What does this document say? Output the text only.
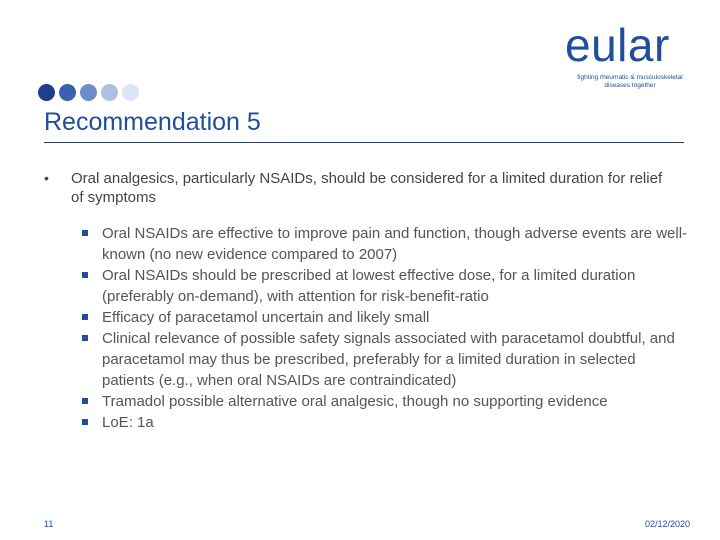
eular
fighting rheumatic & musculoskeletal
diseases together
Recommendation 5
• Oral analgesics, particularly NSAIDs, should be considered for a limited duration for relief of symptoms
Oral NSAIDs are effective to improve pain and function, though adverse events are well-known (no new evidence compared to 2007)
Oral NSAIDs should be prescribed at lowest effective dose, for a limited duration (preferably on-demand), with attention for risk-benefit-ratio
Efficacy of paracetamol uncertain and likely small
Clinical relevance of possible safety signals associated with paracetamol doubtful, and paracetamol may thus be prescribed, preferably for a limited duration in selected patients (e.g., when oral NSAIDs are contraindicated)
Tramadol possible alternative oral analgesic, though no supporting evidence
LoE: 1a
11	02/12/2020
